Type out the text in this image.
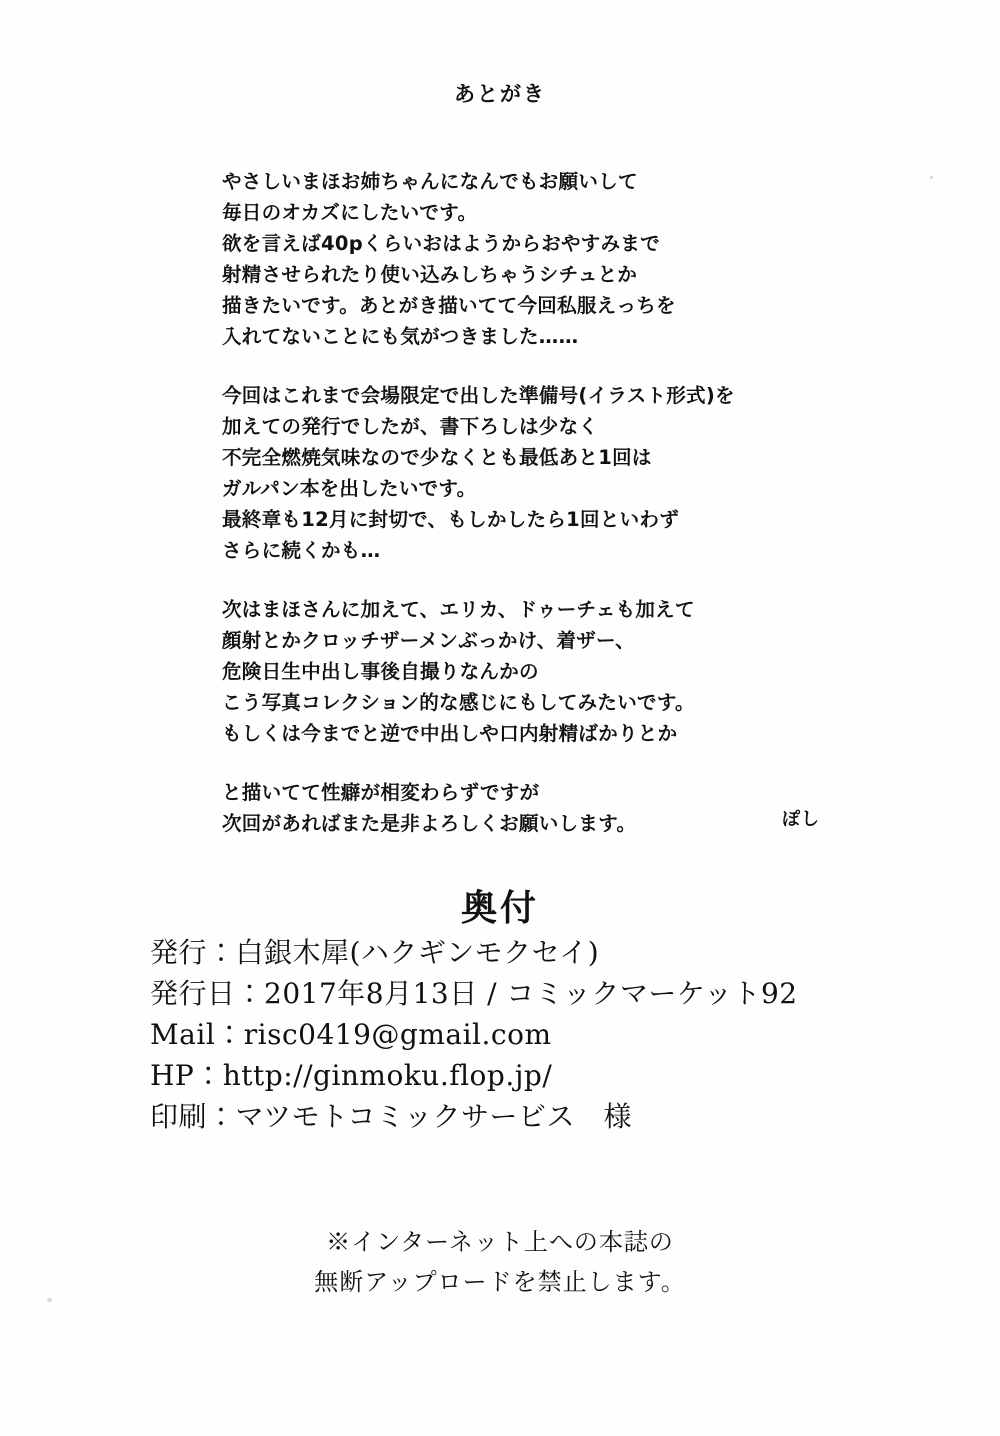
あとがき

やさしいまほお姉ちゃんになんでもお願いして
毎日のオカズにしたいです。
欲を言えば40pくらいおはようからおやすみまで
射精させられたり使い込みしちゃうシチュとか
描きたいです。あとがき描いてて今回私服えっちを
入れてないことにも気がつきました……

今回はこれまで会場限定で出した準備号(イラスト形式)を
加えての発行でしたが、書下ろしは少なく
不完全燃焼気味なので少なくとも最低あと1回は
ガルパン本を出したいです。
最終章も12月に封切で、もしかしたら1回といわず
さらに続くかも…

次はまほさんに加えて、エリカ、ドゥーチェも加えて
顔射とかクロッチザーメンぶっかけ、着ザー、
危険日生中出し事後自撮りなんかの
こう写真コレクション的な感じにもしてみたいです。
もしくは今までと逆で中出しや口内射精ばかりとか

と描いてて性癖が相変わらずですが
次回があればまた是非よろしくお願いします。	ぽし
奥付
発行：白銀木犀(ハクギンモクセイ)
発行日：2017年8月13日 / コミックマーケット92
Mail：risc0419@gmail.com
HP：http://ginmoku.flop.jp/
印刷：マツモトコミックサービス　様
※インターネット上への本誌の
無断アップロードを禁止します。
